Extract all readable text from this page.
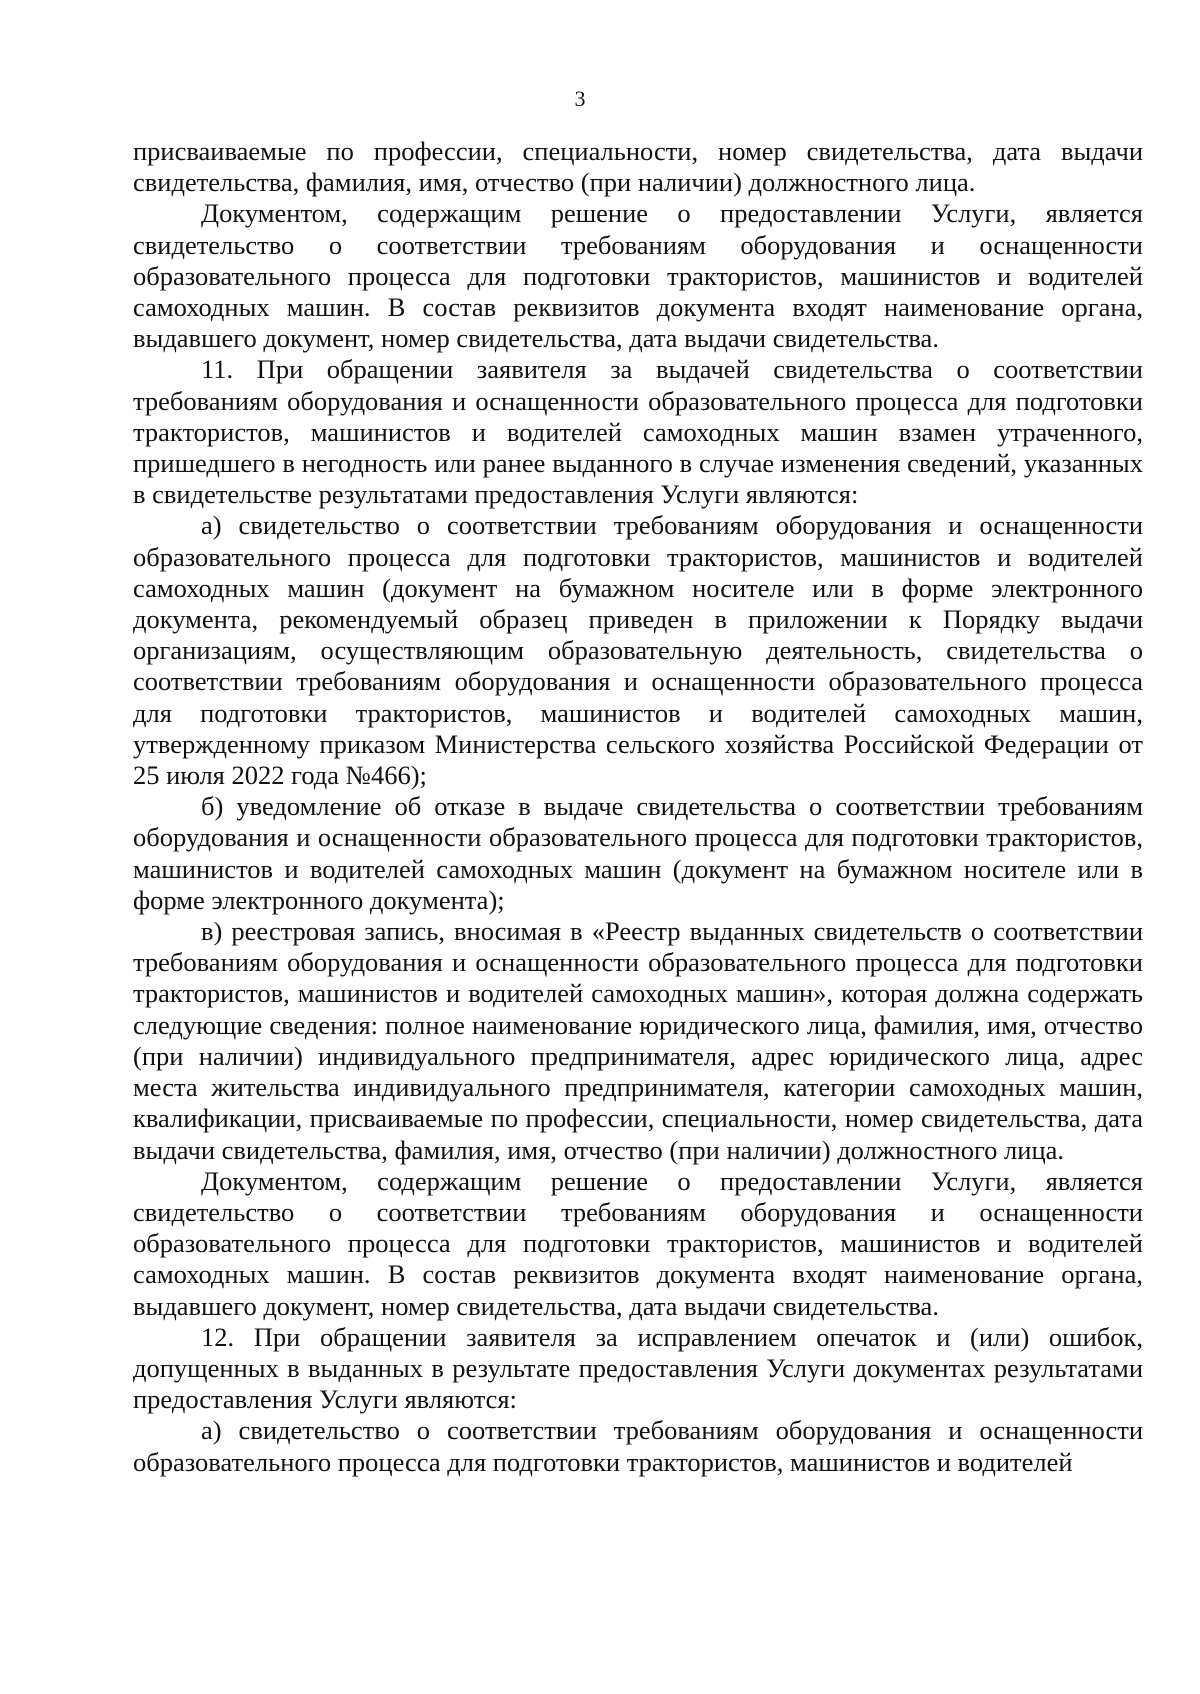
3

присваиваемые по профессии, специальности, номер свидетельства, дата выдачи свидетельства, фамилия, имя, отчество (при наличии) должностного лица.

Документом, содержащим решение о предоставлении Услуги, является свидетельство о соответствии требованиям оборудования и оснащенности образовательного процесса для подготовки трактористов, машинистов и водителей самоходных машин. В состав реквизитов документа входят наименование органа, выдавшего документ, номер свидетельства, дата выдачи свидетельства.

11. При обращении заявителя за выдачей свидетельства о соответствии требованиям оборудования и оснащенности образовательного процесса для подготовки трактористов, машинистов и водителей самоходных машин взамен утраченного, пришедшего в негодность или ранее выданного в случае изменения сведений, указанных в свидетельстве результатами предоставления Услуги являются:

а) свидетельство о соответствии требованиям оборудования и оснащенности образовательного процесса для подготовки трактористов, машинистов и водителей самоходных машин (документ на бумажном носителе или в форме электронного документа, рекомендуемый образец приведен в приложении к Порядку выдачи организациям, осуществляющим образовательную деятельность, свидетельства о соответствии требованиям оборудования и оснащенности образовательного процесса для подготовки трактористов, машинистов и водителей самоходных машин, утвержденному приказом Министерства сельского хозяйства Российской Федерации от 25 июля 2022 года №466);

б) уведомление об отказе в выдаче свидетельства о соответствии требованиям оборудования и оснащенности образовательного процесса для подготовки трактористов, машинистов и водителей самоходных машин (документ на бумажном носителе или в форме электронного документа);

в) реестровая запись, вносимая в «Реестр выданных свидетельств о соответствии требованиям оборудования и оснащенности образовательного процесса для подготовки трактористов, машинистов и водителей самоходных машин», которая должна содержать следующие сведения: полное наименование юридического лица, фамилия, имя, отчество (при наличии) индивидуального предпринимателя, адрес юридического лица, адрес места жительства индивидуального предпринимателя, категории самоходных машин, квалификации, присваиваемые по профессии, специальности, номер свидетельства, дата выдачи свидетельства, фамилия, имя, отчество (при наличии) должностного лица.

Документом, содержащим решение о предоставлении Услуги, является свидетельство о соответствии требованиям оборудования и оснащенности образовательного процесса для подготовки трактористов, машинистов и водителей самоходных машин. В состав реквизитов документа входят наименование органа, выдавшего документ, номер свидетельства, дата выдачи свидетельства.

12. При обращении заявителя за исправлением опечаток и (или) ошибок, допущенных в выданных в результате предоставления Услуги документах результатами предоставления Услуги являются:

а) свидетельство о соответствии требованиям оборудования и оснащенности образовательного процесса для подготовки трактористов, машинистов и водителей
